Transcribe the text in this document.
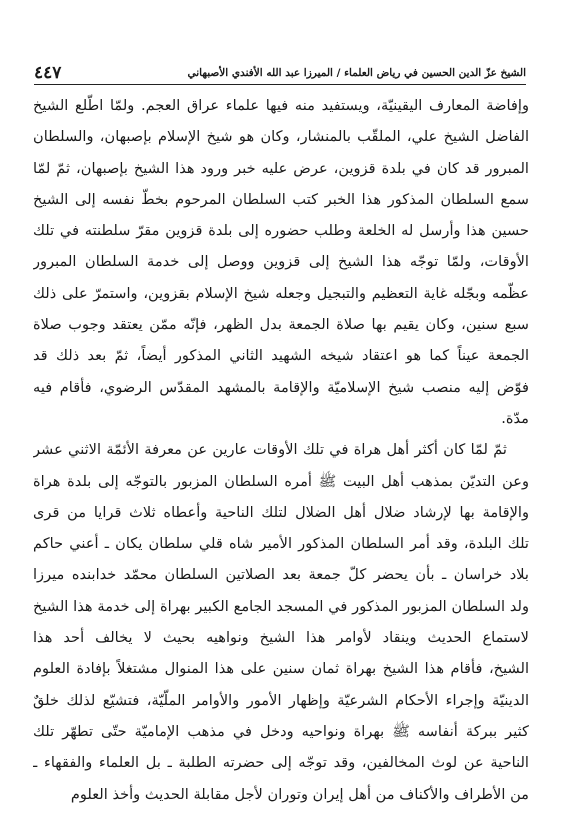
الشيخ عزّ الدين الحسين في رياض العلماء / الميرزا عبد الله الأفندي الأصبهاني
٤٤٧
وإفاضة المعارف اليقينيّة، ويستفيد منه فيها علماء عراق العجم. ولمّا اطّلع الشيخ
الفاضل الشيخ علي، الملقّب بالمنشار، وكان هو شيخ الإسلام بإصبهان، والسلطان
المبرور قد كان في بلدة قزوين، عرض عليه خبر ورود هذا الشيخ بإصبهان، ثمّ لمّا
سمع السلطان المذكور هذا الخبر كتب السلطان المرحوم بخطّ نفسه إلى الشيخ
حسين هذا وأرسل له الخلعة وطلب حضوره إلى بلدة قزوين مقرّ سلطنته في تلك
الأوقات، ولمّا توجّه هذا الشيخ إلى قزوين ووصل إلى خدمة السلطان المبرور
عظّمه وبجّله غاية التعظيم والتبجيل وجعله شيخ الإسلام بقزوين، واستمرّ على ذلك
سبع سنين، وكان يقيم بها صلاة الجمعة بدل الظهر، فإنّه ممّن يعتقد وجوب صلاة
الجمعة عيناً كما هو اعتقاد شيخه الشهيد الثاني المذكور أيضاً، ثمّ بعد ذلك قد
فوّض إليه منصب شيخ الإسلاميّة والإقامة بالمشهد المقدّس الرضوي، فأقام فيه
مدّة.
ثمّ لمّا كان أكثر أهل هراة في تلك الأوقات عارين عن معرفة الأئمّة الاثني عشر
وعن التديّن بمذهب أهل البيت ﷺ أمره السلطان المزبور بالتوجّه إلى بلدة هراة
والإقامة بها لإرشاد ضلال أهل الضلال لتلك الناحية وأعطاه ثلاث قرايا من قرى
تلك البلدة، وقد أمر السلطان المذكور الأمير شاه قلي سلطان يكان ـ أعني حاكم
بلاد خراسان ـ بأن يحضر كلّ جمعة بعد الصلاتين السلطان محمّد خدابنده ميرزا
ولد السلطان المزبور المذكور في المسجد الجامع الكبير بهراة إلى خدمة هذا الشيخ
لاستماع الحديث وينقاد لأوامر هذا الشيخ ونواهيه بحيث لا يخالف أحد هذا
الشيخ، فأقام هذا الشيخ بهراة ثمان سنين على هذا المنوال مشتغلاً بإفادة العلوم
الدينيّة وإجراء الأحكام الشرعيّة وإظهار الأمور والأوامر الملّيّة، فتشيّع لذلك خلقٌ
كثير ببركة أنفاسه ﷺ بهراة ونواحيه ودخل في مذهب الإماميّة حتّى تطهّر تلك
الناحية عن لوث المخالفين، وقد توجّه إلى حضرته الطلبة ـ بل العلماء والفقهاء ـ
من الأطراف والأكناف من أهل إيران وتوران لأجل مقابلة الحديث وأخذ العلوم
